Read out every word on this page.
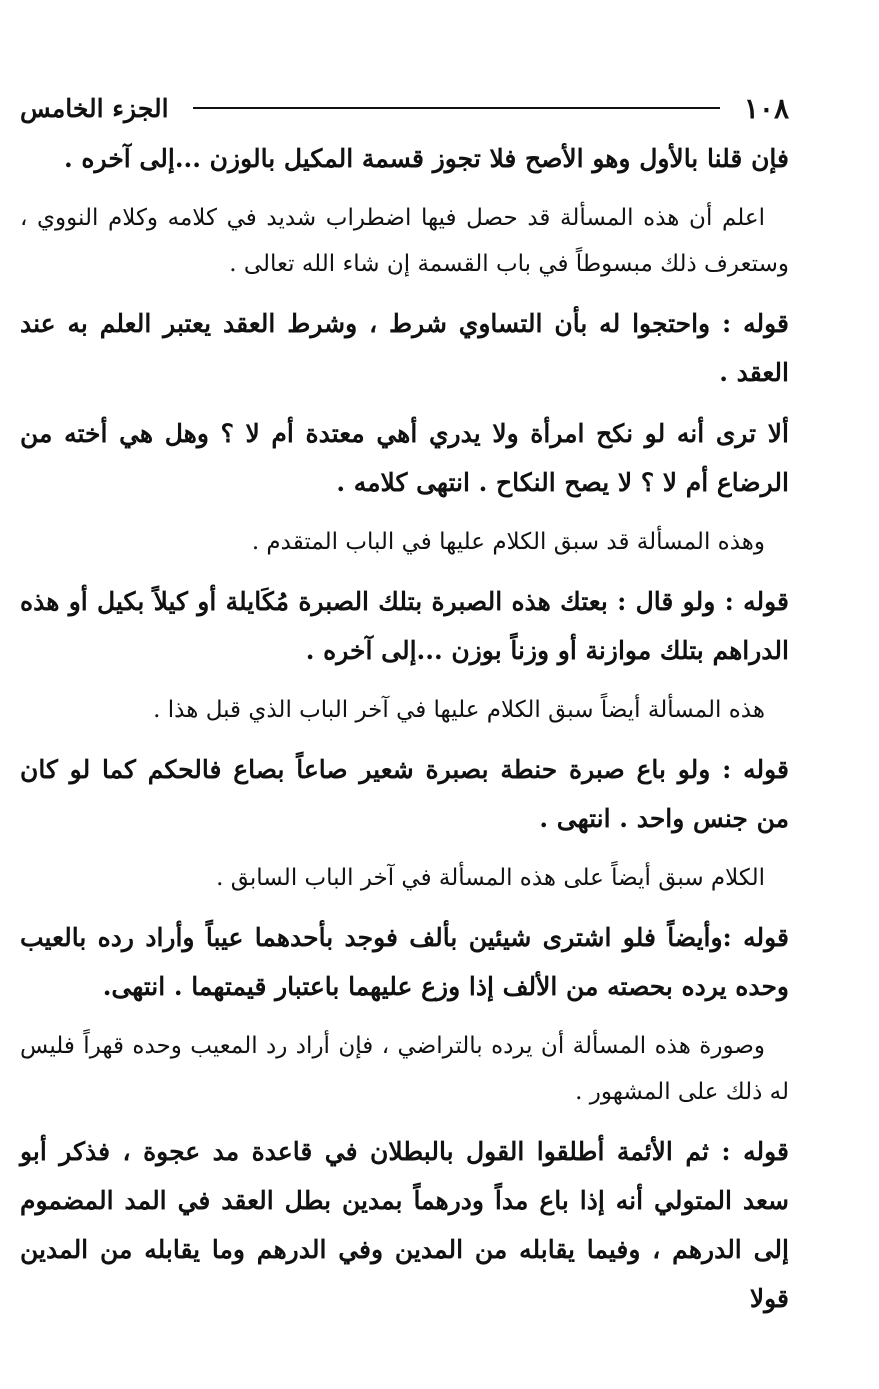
١٠٨
الجزء الخامس

فإن قلنا بالأول وهو الأصح فلا تجوز قسمة المكيل بالوزن ...إلى آخره .

اعلم أن هذه المسألة قد حصل فيها اضطراب شديد في كلامه وكلام النووي ، وستعرف ذلك مبسوطاً في باب القسمة إن شاء الله تعالى .

قوله : واحتجوا له بأن التساوي شرط ، وشرط العقد يعتبر العلم به عند العقد .

ألا ترى أنه لو نكح امرأة ولا يدري أهي معتدة أم لا ؟ وهل هي أخته من الرضاع أم لا ؟ لا يصح النكاح . انتهى كلامه .

وهذه المسألة قد سبق الكلام عليها في الباب المتقدم .

قوله : ولو قال : بعتك هذه الصبرة بتلك الصبرة مُكَايلة أو كيلاً بكيل أو هذه الدراهم بتلك موازنة أو وزناً بوزن ...إلى آخره .

هذه المسألة أيضاً سبق الكلام عليها في آخر الباب الذي قبل هذا .

قوله : ولو باع صبرة حنطة بصبرة شعير صاعاً بصاع فالحكم كما لو كان من جنس واحد . انتهى .

الكلام سبق أيضاً على هذه المسألة في آخر الباب السابق .

قوله :وأيضاً فلو اشترى شيئين بألف فوجد بأحدهما عيباً وأراد رده بالعيب وحده يرده بحصته من الألف إذا وزع عليهما باعتبار قيمتهما . انتهى.

وصورة هذه المسألة أن يرده بالتراضي ، فإن أراد رد المعيب وحده قهراً فليس له ذلك على المشهور .

قوله : ثم الأئمة أطلقوا القول بالبطلان في قاعدة مد عجوة ، فذكر أبو سعد المتولي أنه إذا باع مداً ودرهماً بمدين بطل العقد في المد المضموم إلى الدرهم ، وفيما يقابله من المدين وفي الدرهم وما يقابله من المدين قولا
